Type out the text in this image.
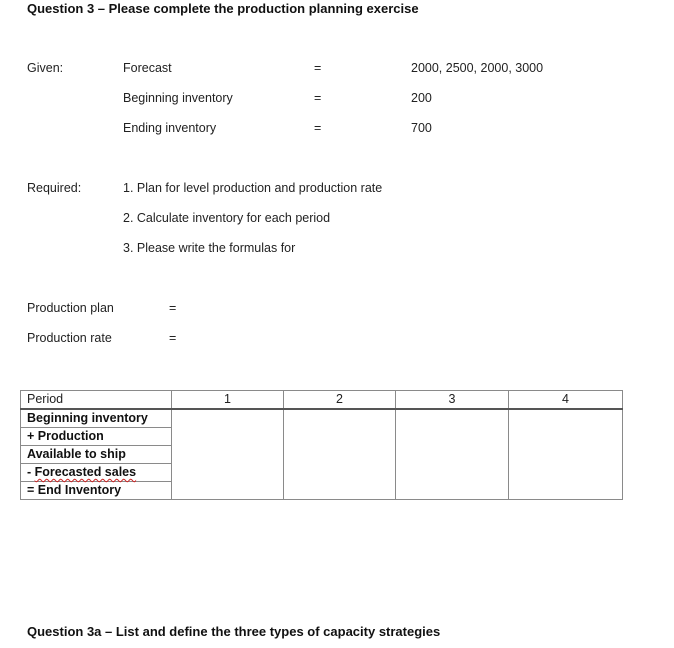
Question 3 – Please complete the production planning exercise
Given:	Forecast	=	2000, 2500, 2000, 3000
Beginning inventory	=	200
Ending inventory	=	700
Required:	1. Plan for level production and production rate
2. Calculate inventory for each period
3. Please write the formulas for
Production plan	=
Production rate	=
Period	1	2	3	4
Beginning inventory				
+ Production				
Available to ship				
- Forecasted sales				
= End Inventory				
Question 3a – List and define the three types of capacity strategies
